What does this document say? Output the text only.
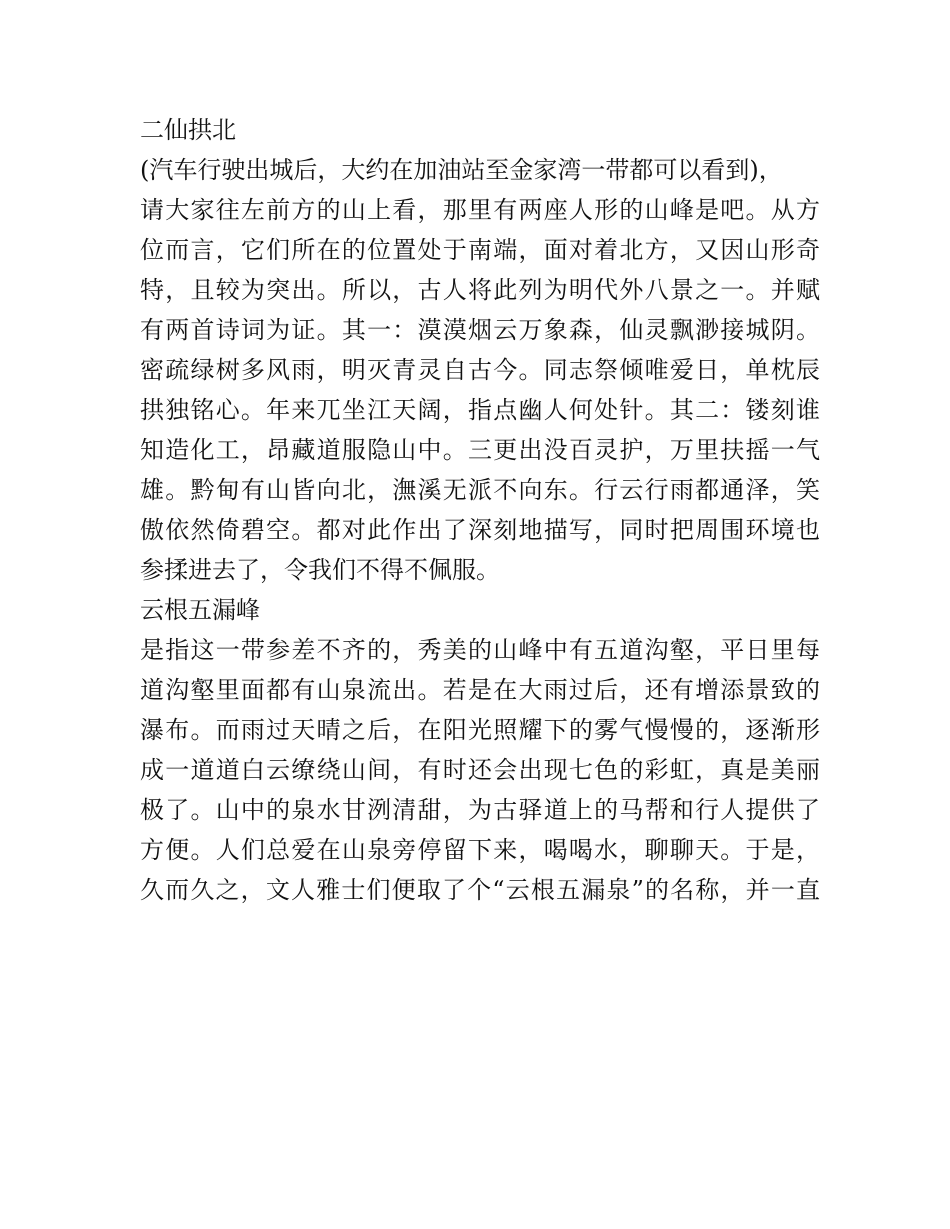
二仙拱北
(汽车行驶出城后，大约在加油站至金家湾一带都可以看到)，
请大家往左前方的山上看，那里有两座人形的山峰是吧。从方
位而言，它们所在的位置处于南端，面对着北方，又因山形奇
特，且较为突出。所以，古人将此列为明代外八景之一。并赋
有两首诗词为证。其一：漠漠烟云万象森，仙灵飘渺接城阴。
密疏绿树多风雨，明灭青灵自古今。同志祭倾唯爱日，单枕辰
拱独铭心。年来兀坐江天阔，指点幽人何处针。其二：镂刻谁
知造化工，昂藏道服隐山中。三更出没百灵护，万里扶摇一气
雄。黔甸有山皆向北，潕溪无派不向东。行云行雨都通泽，笑
傲依然倚碧空。都对此作出了深刻地描写，同时把周围环境也
参揉进去了，令我们不得不佩服。
云根五漏峰
是指这一带参差不齐的，秀美的山峰中有五道沟壑，平日里每
道沟壑里面都有山泉流出。若是在大雨过后，还有增添景致的
瀑布。而雨过天晴之后，在阳光照耀下的雾气慢慢的，逐渐形
成一道道白云缭绕山间，有时还会出现七色的彩虹，真是美丽
极了。山中的泉水甘洌清甜，为古驿道上的马帮和行人提供了
方便。人们总爱在山泉旁停留下来，喝喝水，聊聊天。于是，
久而久之，文人雅士们便取了个“云根五漏泉”的名称，并一直
